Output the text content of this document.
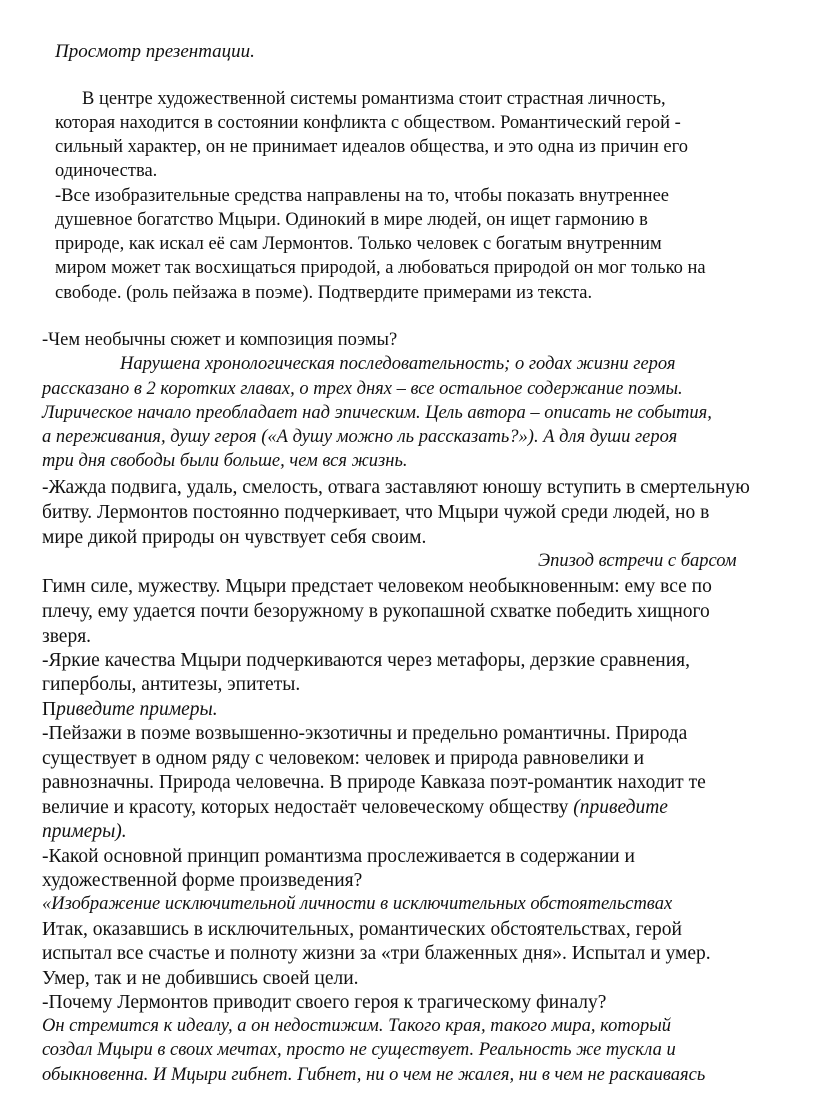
Просмотр презентации.
В центре художественной системы романтизма стоит страстная личность,
которая находится в состоянии конфликта с обществом. Романтический герой -
сильный характер, он не принимает идеалов общества, и это одна из причин его
одиночества.
-Все изобразительные средства направлены на то, чтобы показать внутреннее
душевное богатство Мцыри. Одинокий в мире людей, он ищет гармонию в
природе, как искал её сам Лермонтов. Только человек с богатым внутренним
миром может так восхищаться природой, а любоваться природой он мог только на
свободе. (роль пейзажа в поэме). Подтвердите примерами из текста.
-Чем необычны сюжет и композиция поэмы?
Нарушена хронологическая последовательность; о годах жизни героя
рассказано в 2 коротких главах, о трех днях – все остальное содержание поэмы.
Лирическое начало преобладает над эпическим. Цель автора – описать не события,
а переживания, душу героя («А душу можно ль рассказать?»). А для души героя
три дня свободы были больше, чем вся жизнь.
-Жажда подвига, удаль, смелость, отвага заставляют юношу вступить в смертельную
битву. Лермонтов постоянно подчеркивает, что Мцыри чужой среди людей, но в
мире дикой природы он чувствует себя своим.
Эпизод встречи с барсом
Гимн силе, мужеству. Мцыри предстает человеком необыкновенным: ему все по
плечу, ему удается почти безоружному в рукопашной схватке победить хищного
зверя.
-Яркие качества Мцыри подчеркиваются через метафоры, дерзкие сравнения,
гиперболы, антитезы, эпитеты.
Приведите примеры.
-Пейзажи в поэме возвышенно-экзотичны и предельно романтичны. Природа
существует в одном ряду с человеком: человек и природа равновелики и
равнозначны. Природа человечна. В природе Кавказа поэт-романтик находит те
величие и красоту, которых недостаёт человеческому обществу (приведите
примеры).
-Какой основной принцип романтизма прослеживается в содержании и
художественной форме произведения?
«Изображение исключительной личности в исключительных обстоятельствах
Итак, оказавшись в исключительных, романтических обстоятельствах, герой
испытал все счастье и полноту жизни за «три блаженных дня». Испытал и умер.
Умер, так и не добившись своей цели.
-Почему Лермонтов приводит своего героя к трагическому финалу?
Он стремится к идеалу, а он недостижим. Такого края, такого мира, который
создал Мцыри в своих мечтах, просто не существует. Реальность же тускла и
обыкновенна. И Мцыри гибнет. Гибнет, ни о чем не жалея, ни в чем не раскаиваясь
